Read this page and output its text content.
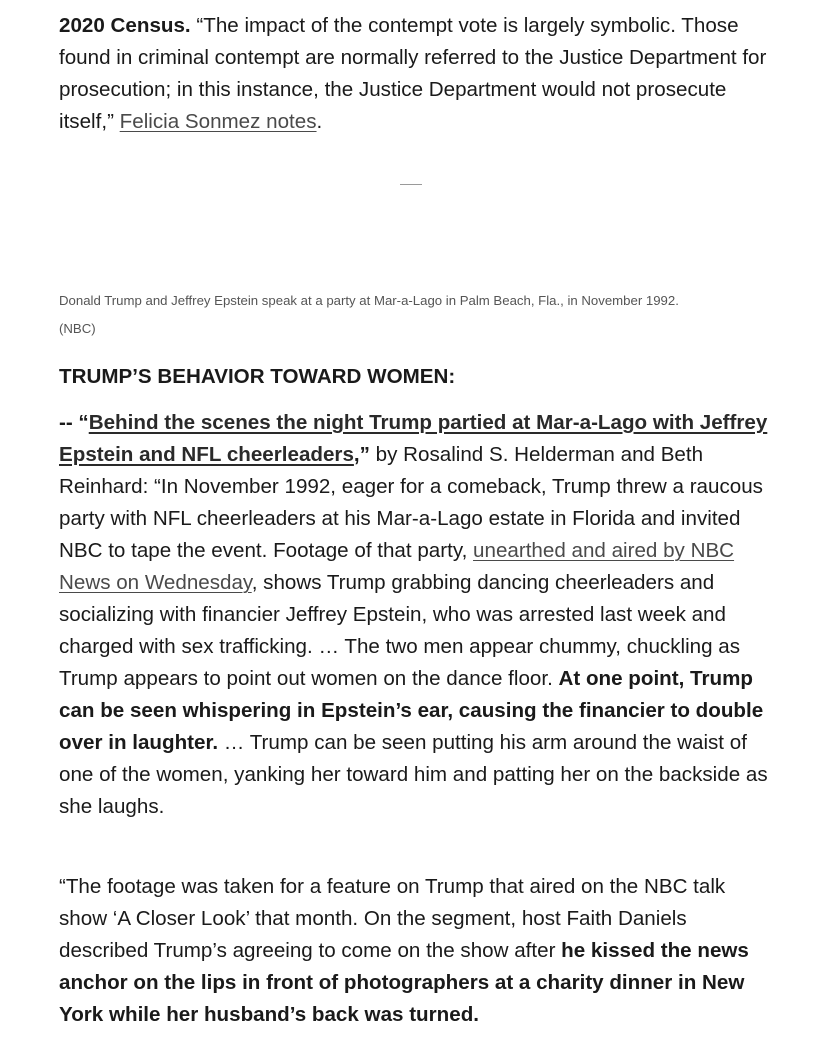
2020 Census. “The impact of the contempt vote is largely symbolic. Those found in criminal contempt are normally referred to the Justice Department for prosecution; in this instance, the Justice Department would not prosecute itself,” Felicia Sonmez notes.

Donald Trump and Jeffrey Epstein speak at a party at Mar-a-Lago in Palm Beach, Fla., in November 1992.
(NBC)

TRUMP’S BEHAVIOR TOWARD WOMEN:

-- “Behind the scenes the night Trump partied at Mar-a-Lago with Jeffrey Epstein and NFL cheerleaders,” by Rosalind S. Helderman and Beth Reinhard: “In November 1992, eager for a comeback, Trump threw a raucous party with NFL cheerleaders at his Mar-a-Lago estate in Florida and invited NBC to tape the event. Footage of that party, unearthed and aired by NBC News on Wednesday, shows Trump grabbing dancing cheerleaders and socializing with financier Jeffrey Epstein, who was arrested last week and charged with sex trafficking. … The two men appear chummy, chuckling as Trump appears to point out women on the dance floor. At one point, Trump can be seen whispering in Epstein’s ear, causing the financier to double over in laughter. … Trump can be seen putting his arm around the waist of one of the women, yanking her toward him and patting her on the backside as she laughs.

“The footage was taken for a feature on Trump that aired on the NBC talk show ‘A Closer Look’ that month. On the segment, host Faith Daniels described Trump’s agreeing to come on the show after he kissed the news anchor on the lips in front of photographers at a charity dinner in New York while her husband’s back was turned.
